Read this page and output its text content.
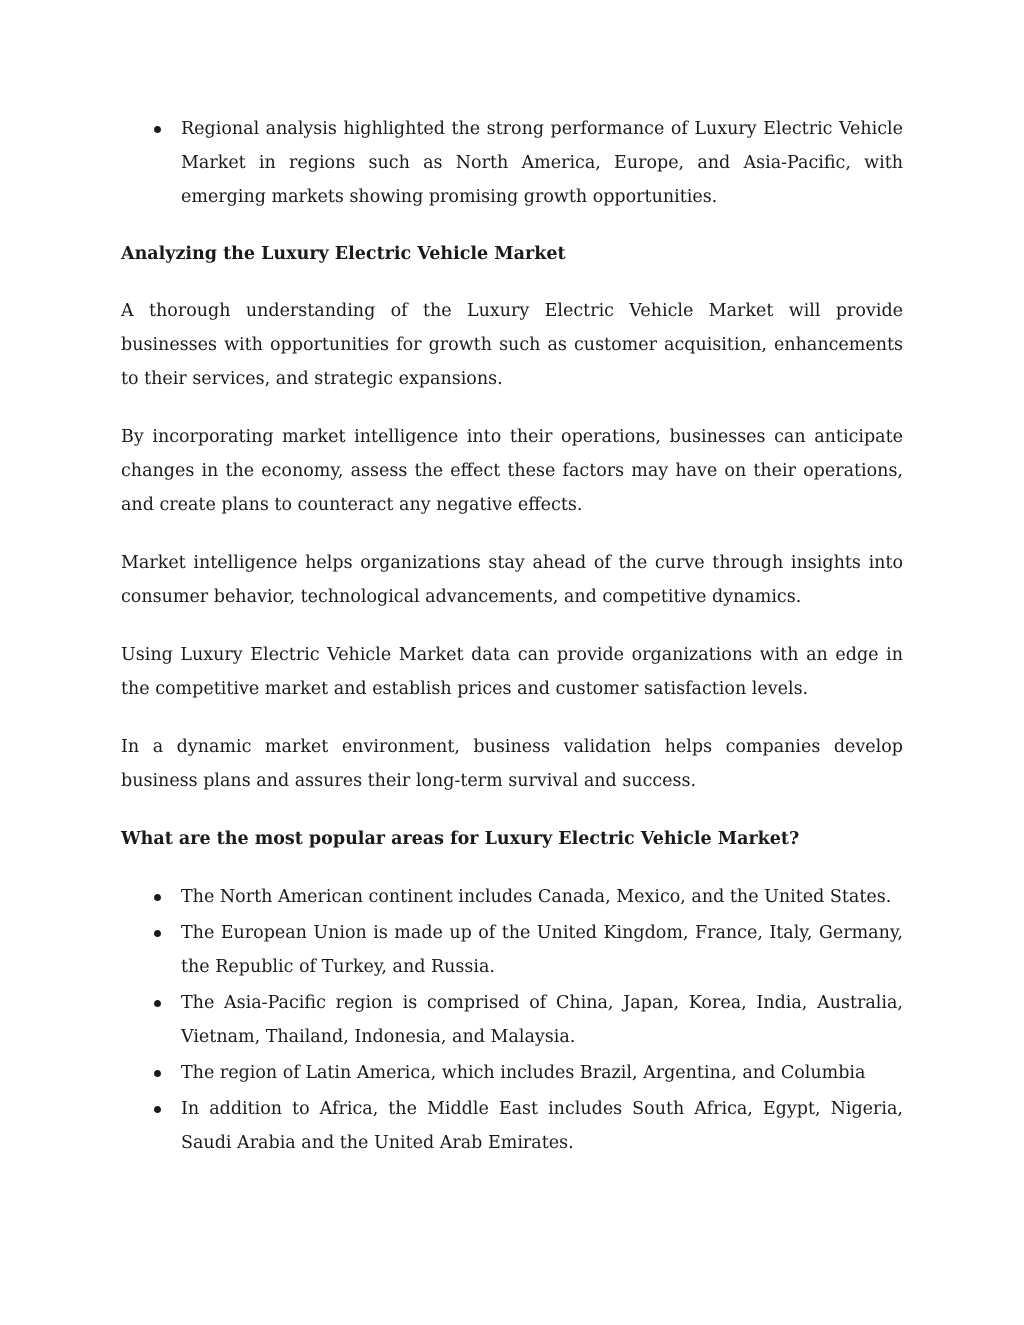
Regional analysis highlighted the strong performance of Luxury Electric Vehicle Market in regions such as North America, Europe, and Asia-Pacific, with emerging markets showing promising growth opportunities.
Analyzing the Luxury Electric Vehicle Market

A thorough understanding of the Luxury Electric Vehicle Market will provide businesses with opportunities for growth such as customer acquisition, enhancements to their services, and strategic expansions.

By incorporating market intelligence into their operations, businesses can anticipate changes in the economy, assess the effect these factors may have on their operations, and create plans to counteract any negative effects.

Market intelligence helps organizations stay ahead of the curve through insights into consumer behavior, technological advancements, and competitive dynamics.

Using Luxury Electric Vehicle Market data can provide organizations with an edge in the competitive market and establish prices and customer satisfaction levels.

In a dynamic market environment, business validation helps companies develop business plans and assures their long-term survival and success.

What are the most popular areas for Luxury Electric Vehicle Market?
The North American continent includes Canada, Mexico, and the United States.
The European Union is made up of the United Kingdom, France, Italy, Germany, the Republic of Turkey, and Russia.
The Asia-Pacific region is comprised of China, Japan, Korea, India, Australia, Vietnam, Thailand, Indonesia, and Malaysia.
The region of Latin America, which includes Brazil, Argentina, and Columbia
In addition to Africa, the Middle East includes South Africa, Egypt, Nigeria, Saudi Arabia and the United Arab Emirates.
